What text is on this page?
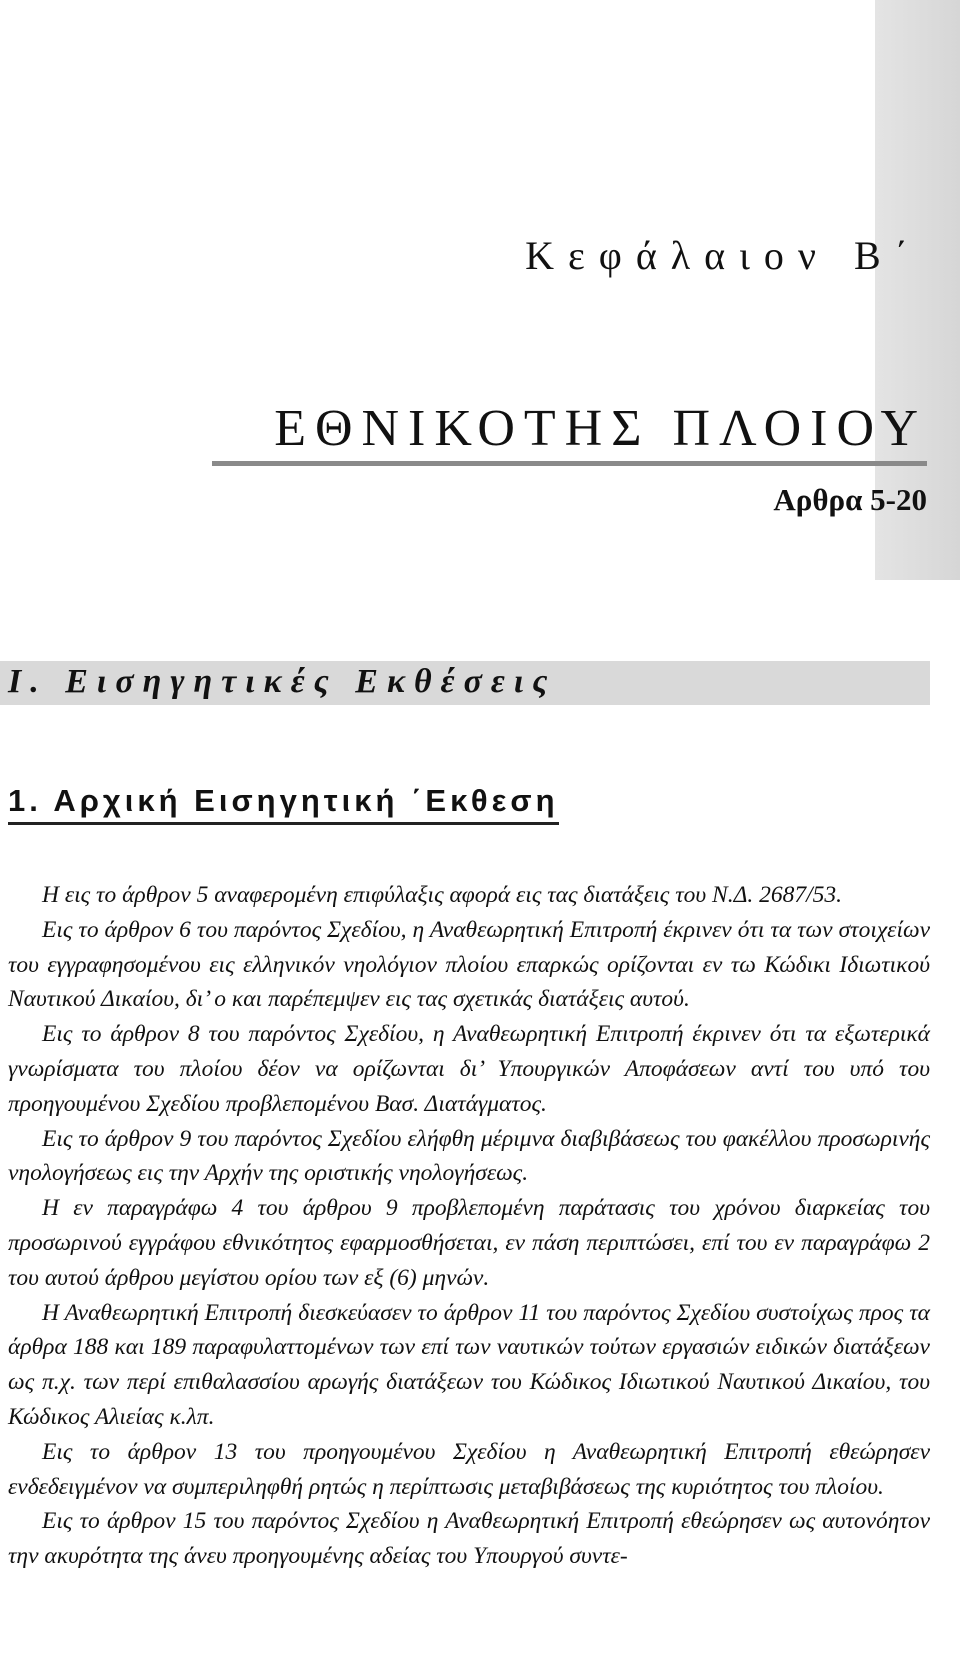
Κεφάλαιον Β΄
ΕΘΝΙΚΟΤΗΣ ΠΛΟΙΟΥ
Αρθρα 5-20
Ι. Εισηγητικές Εκθέσεις
1. Αρχική Εισηγητική ΄Εκθεση

Η εις το άρθρον 5 αναφερομένη επιφύλαξις αφορά εις τας διατάξεις του Ν.Δ. 2687/53.

Εις το άρθρον 6 του παρόντος Σχεδίου, η Αναθεωρητική Επιτροπή έκρινεν ότι τα των στοιχείων του εγγραφησομένου εις ελληνικόν νηολόγιον πλοίου επαρκώς ορίζονται εν τω Κώδικι Ιδιωτικού Ναυτικού Δικαίου, δι’ ο και παρέπεμψεν εις τας σχετικάς διατάξεις αυτού.

Εις το άρθρον 8 του παρόντος Σχεδίου, η Αναθεωρητική Επιτροπή έκρινεν ότι τα εξωτερικά γνωρίσματα του πλοίου δέον να ορίζωνται δι’ Υπουργικών Αποφάσεων αντί του υπό του προηγουμένου Σχεδίου προβλεπομένου Βασ. Διατάγματος.

Εις το άρθρον 9 του παρόντος Σχεδίου ελήφθη μέριμνα διαβιβάσεως του φακέλλου προσωρινής νηολογήσεως εις την Αρχήν της οριστικής νηολογήσεως.

Η εν παραγράφω 4 του άρθρου 9 προβλεπομένη παράτασις του χρόνου διαρκείας του προσωρινού εγγράφου εθνικότητος εφαρμοσθήσεται, εν πάση περιπτώσει, επί του εν παραγράφω 2 του αυτού άρθρου μεγίστου ορίου των εξ (6) μηνών.

Η Αναθεωρητική Επιτροπή διεσκεύασεν το άρθρον 11 του παρόντος Σχεδίου συστοίχως προς τα άρθρα 188 και 189 παραφυλαττομένων των επί των ναυτικών τούτων εργασιών ειδικών διατάξεων ως π.χ. των περί επιθαλασσίου αρωγής διατάξεων του Κώδικος Ιδιωτικού Ναυτικού Δικαίου, του Κώδικος Αλιείας κ.λπ.

Εις το άρθρον 13 του προηγουμένου Σχεδίου η Αναθεωρητική Επιτροπή εθεώρησεν ενδεδειγμένον να συμπεριληφθή ρητώς η περίπτωσις μεταβιβάσεως της κυριότητος του πλοίου.

Εις το άρθρον 15 του παρόντος Σχεδίου η Αναθεωρητική Επιτροπή εθεώρησεν ως αυτονόητον την ακυρότητα της άνευ προηγουμένης αδείας του Υπουργού συντε-
